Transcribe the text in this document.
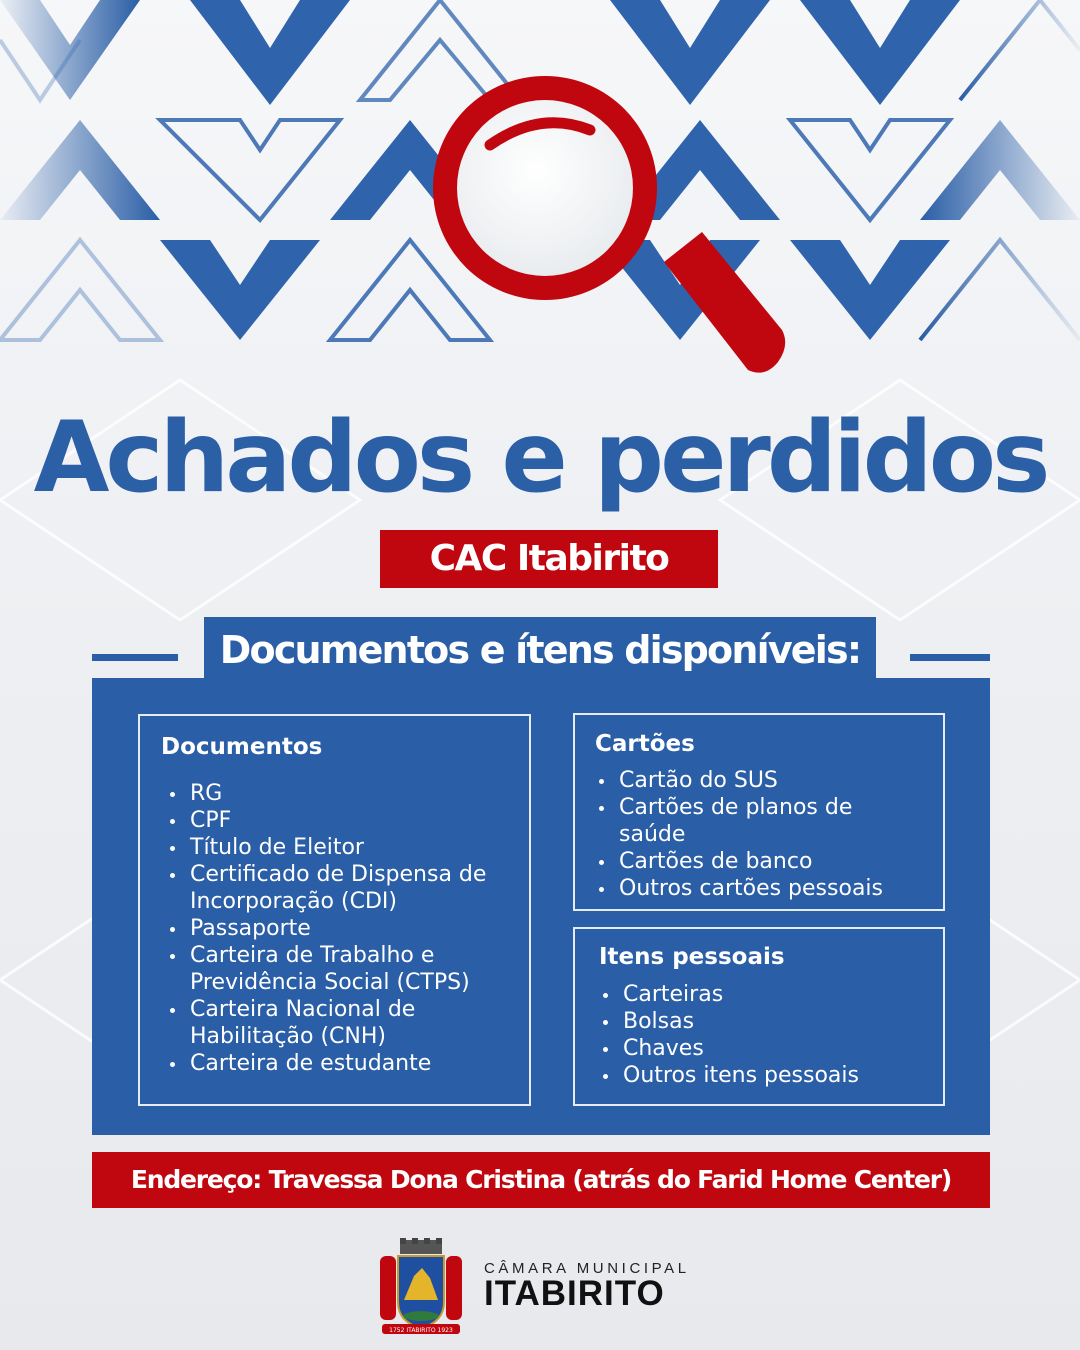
Achados e perdidos
CAC Itabirito
Documentos e ítens disponíveis:
Documentos
RG
CPF
Título de Eleitor
Certificado de Dispensa de Incorporação (CDI)
Passaporte
Carteira de Trabalho e Previdência Social (CTPS)
Carteira Nacional de Habilitação (CNH)
Carteira de estudante
Cartões
Cartão do SUS
Cartões de planos de saúde
Cartões de banco
Outros cartões pessoais
Itens pessoais
Carteiras
Bolsas
Chaves
Outros itens pessoais
Endereço: Travessa Dona Cristina (atrás do Farid Home Center)
1752 ITABIRITO 1923
CÂMARA MUNICIPAL
ITABIRITO
